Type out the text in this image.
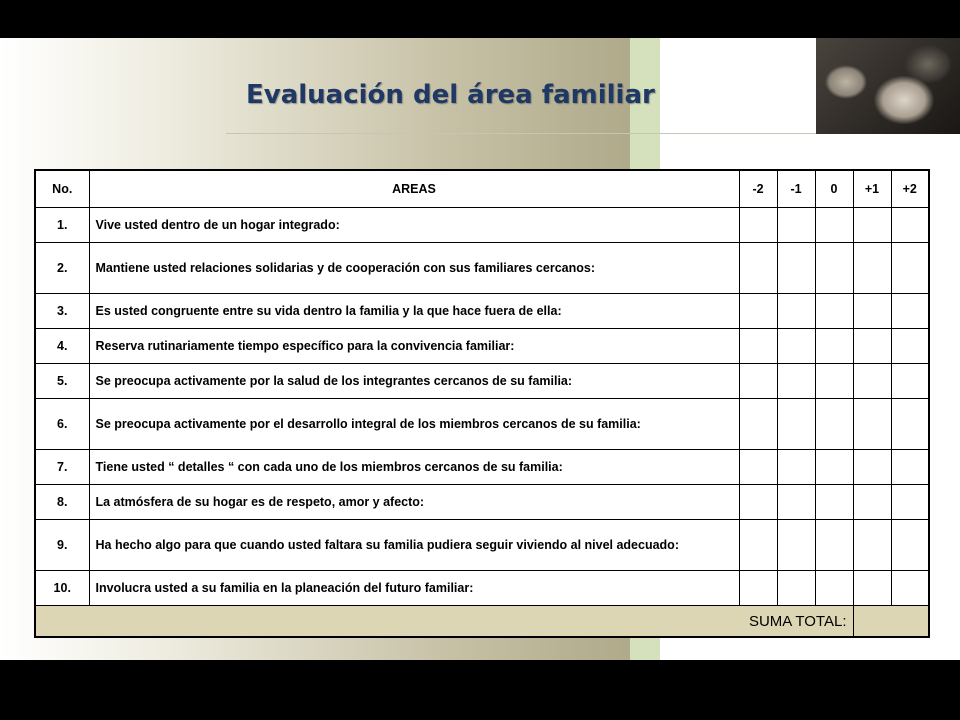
Evaluación del área familiar
No.	AREAS	-2	-1	0	+1	+2
1.	Vive usted dentro de un hogar integrado:					
2.	Mantiene usted relaciones solidarias y de cooperación con sus familiares cercanos:					
3.	Es usted congruente entre su vida dentro la familia y la que hace fuera de ella:					
4.	Reserva rutinariamente tiempo específico para la convivencia familiar:					
5.	Se preocupa activamente por la salud de los integrantes cercanos de su familia:					
6.	Se preocupa activamente por el desarrollo integral de los miembros cercanos de su familia:					
7.	Tiene usted “ detalles “ con cada uno de los miembros cercanos de su familia:					
8.	La atmósfera de su hogar es de respeto, amor y afecto:					
9.	Ha hecho algo para que cuando usted faltara su familia pudiera seguir viviendo al nivel adecuado:					
10.	Involucra usted a su familia en la planeación del futuro familiar:					
SUMA TOTAL:						
